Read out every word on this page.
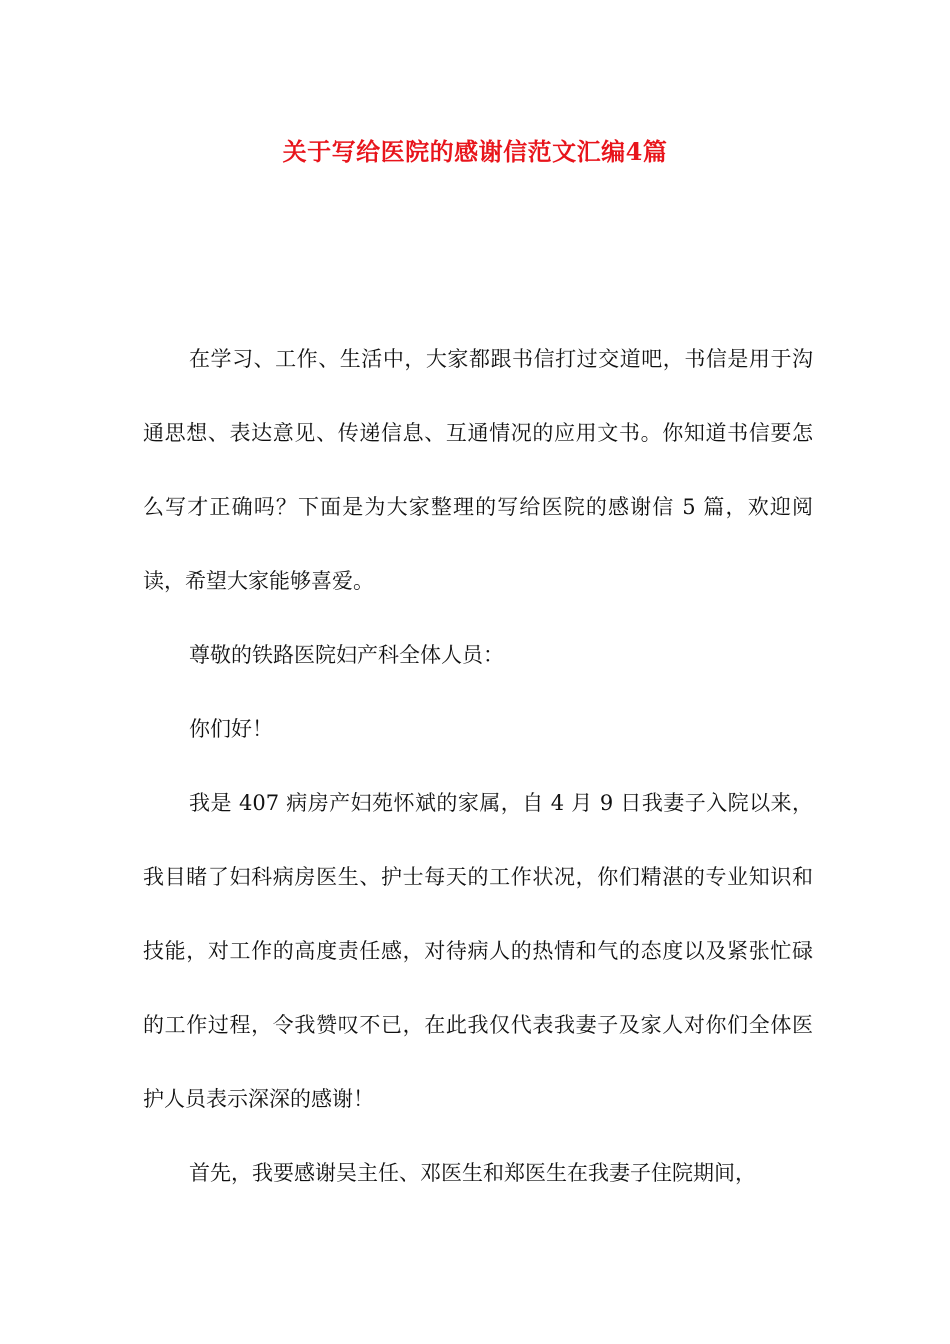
关于写给医院的感谢信范文汇编4篇

在学习、工作、生活中，大家都跟书信打过交道吧，书信是用于沟通思想、表达意见、传递信息、互通情况的应用文书。你知道书信要怎么写才正确吗？下面是为大家整理的写给医院的感谢信 5 篇，欢迎阅读，希望大家能够喜爱。

尊敬的铁路医院妇产科全体人员：

你们好！

我是 407 病房产妇苑怀斌的家属，自 4 月 9 日我妻子入院以来，我目睹了妇科病房医生、护士每天的工作状况，你们精湛的专业知识和技能，对工作的高度责任感，对待病人的热情和气的态度以及紧张忙碌的工作过程，令我赞叹不已，在此我仅代表我妻子及家人对你们全体医护人员表示深深的感谢！

首先，我要感谢吴主任、邓医生和郑医生在我妻子住院期间，
